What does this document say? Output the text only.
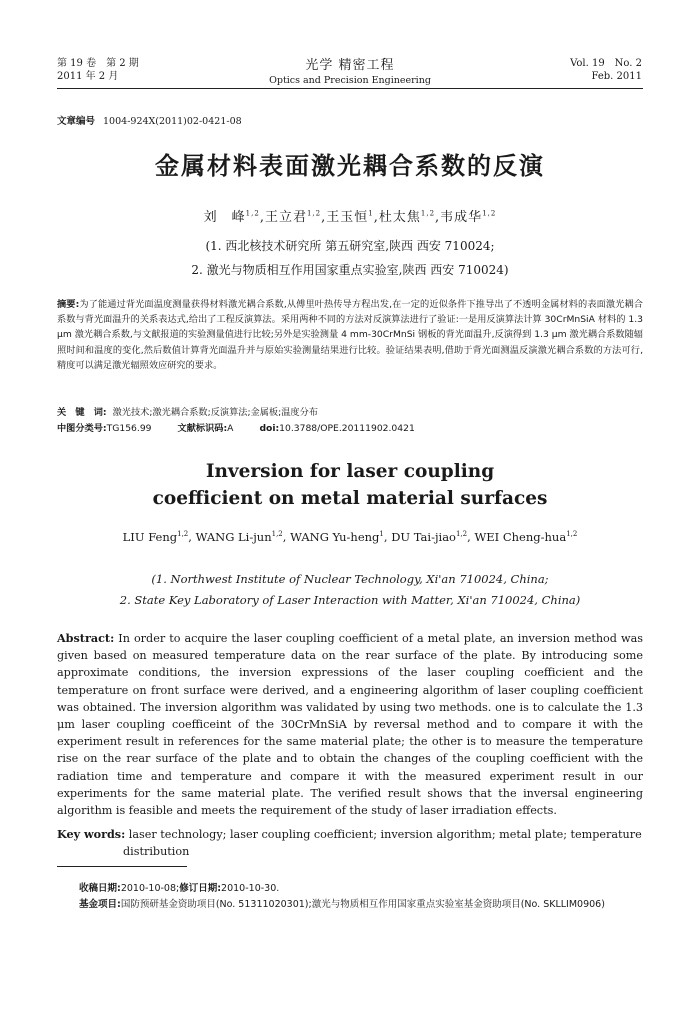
第 19 卷　第 2 期
2011 年 2 月
光学 精密工程
Optics and Precision Engineering
Vol. 19　No. 2
Feb. 2011
文章编号 1004-924X(2011)02-0421-08
金属材料表面激光耦合系数的反演
刘　峰$^{1,2}$,王立君$^{1,2}$,王玉恒$^1$,杜太焦$^{1,2}$,韦成华$^{1,2}$
(1. 西北核技术研究所 第五研究室,陕西 西安 710024;
2. 激光与物质相互作用国家重点实验室,陕西 西安 710024)
摘要:为了能通过背光面温度测量获得材料激光耦合系数,从傅里叶热传导方程出发,在一定的近似条件下推导出了不透明金属材料的表面激光耦合系数与背光面温升的关系表达式,给出了工程反演算法。采用两种不同的方法对反演算法进行了验证:一是用反演算法计算 30CrMnSiA 材料的 1.3 μm 激光耦合系数,与文献报道的实验测量值进行比较;另外是实验测量 4 mm-30CrMnSi 钢板的背光面温升,反演得到 1.3 μm 激光耦合系数随辐照时间和温度的变化,然后数值计算背光面温升并与原始实验测量结果进行比较。验证结果表明,借助于背光面测温反演激光耦合系数的方法可行,精度可以满足激光辐照效应研究的要求。
关　键　词: 激光技术;激光耦合系数;反演算法;金属板;温度分布
中图分类号:TG156.99	文献标识码:A	doi:10.3788/OPE.20111902.0421
Inversion for laser coupling
coefficient on metal material surfaces
LIU Feng$^{1,2}$, WANG Li-jun$^{1,2}$, WANG Yu-heng$^1$, DU Tai-jiao$^{1,2}$, WEI Cheng-hua$^{1,2}$
(1. Northwest Institute of Nuclear Technology, Xi'an 710024, China;
2. State Key Laboratory of Laser Interaction with Matter, Xi'an 710024, China)
Abstract: In order to acquire the laser coupling coefficient of a metal plate, an inversion method was given based on measured temperature data on the rear surface of the plate. By introducing some approximate conditions, the inversion expressions of the laser coupling coefficient and the temperature on front surface were derived, and a engineering algorithm of laser coupling coefficient was obtained. The inversion algorithm was validated by using two methods. one is to calculate the 1.3 μm laser coupling coefficeint of the 30CrMnSiA by reversal method and to compare it with the experiment result in references for the same material plate; the other is to measure the temperature rise on the rear surface of the plate and to obtain the changes of the coupling coefficient with the radiation time and temperature and compare it with the measured experiment result in our experiments for the same material plate. The verified result shows that the inversal engineering algorithm is feasible and meets the requirement of the study of laser irradiation effects.
Key words: laser technology; laser coupling coefficient; inversion algorithm; metal plate; temperature distribution
收稿日期:2010-10-08;修订日期:2010-10-30.
基金项目:国防预研基金资助项目(No. 51311020301);激光与物质相互作用国家重点实验室基金资助项目(No. SKLLIM0906)
